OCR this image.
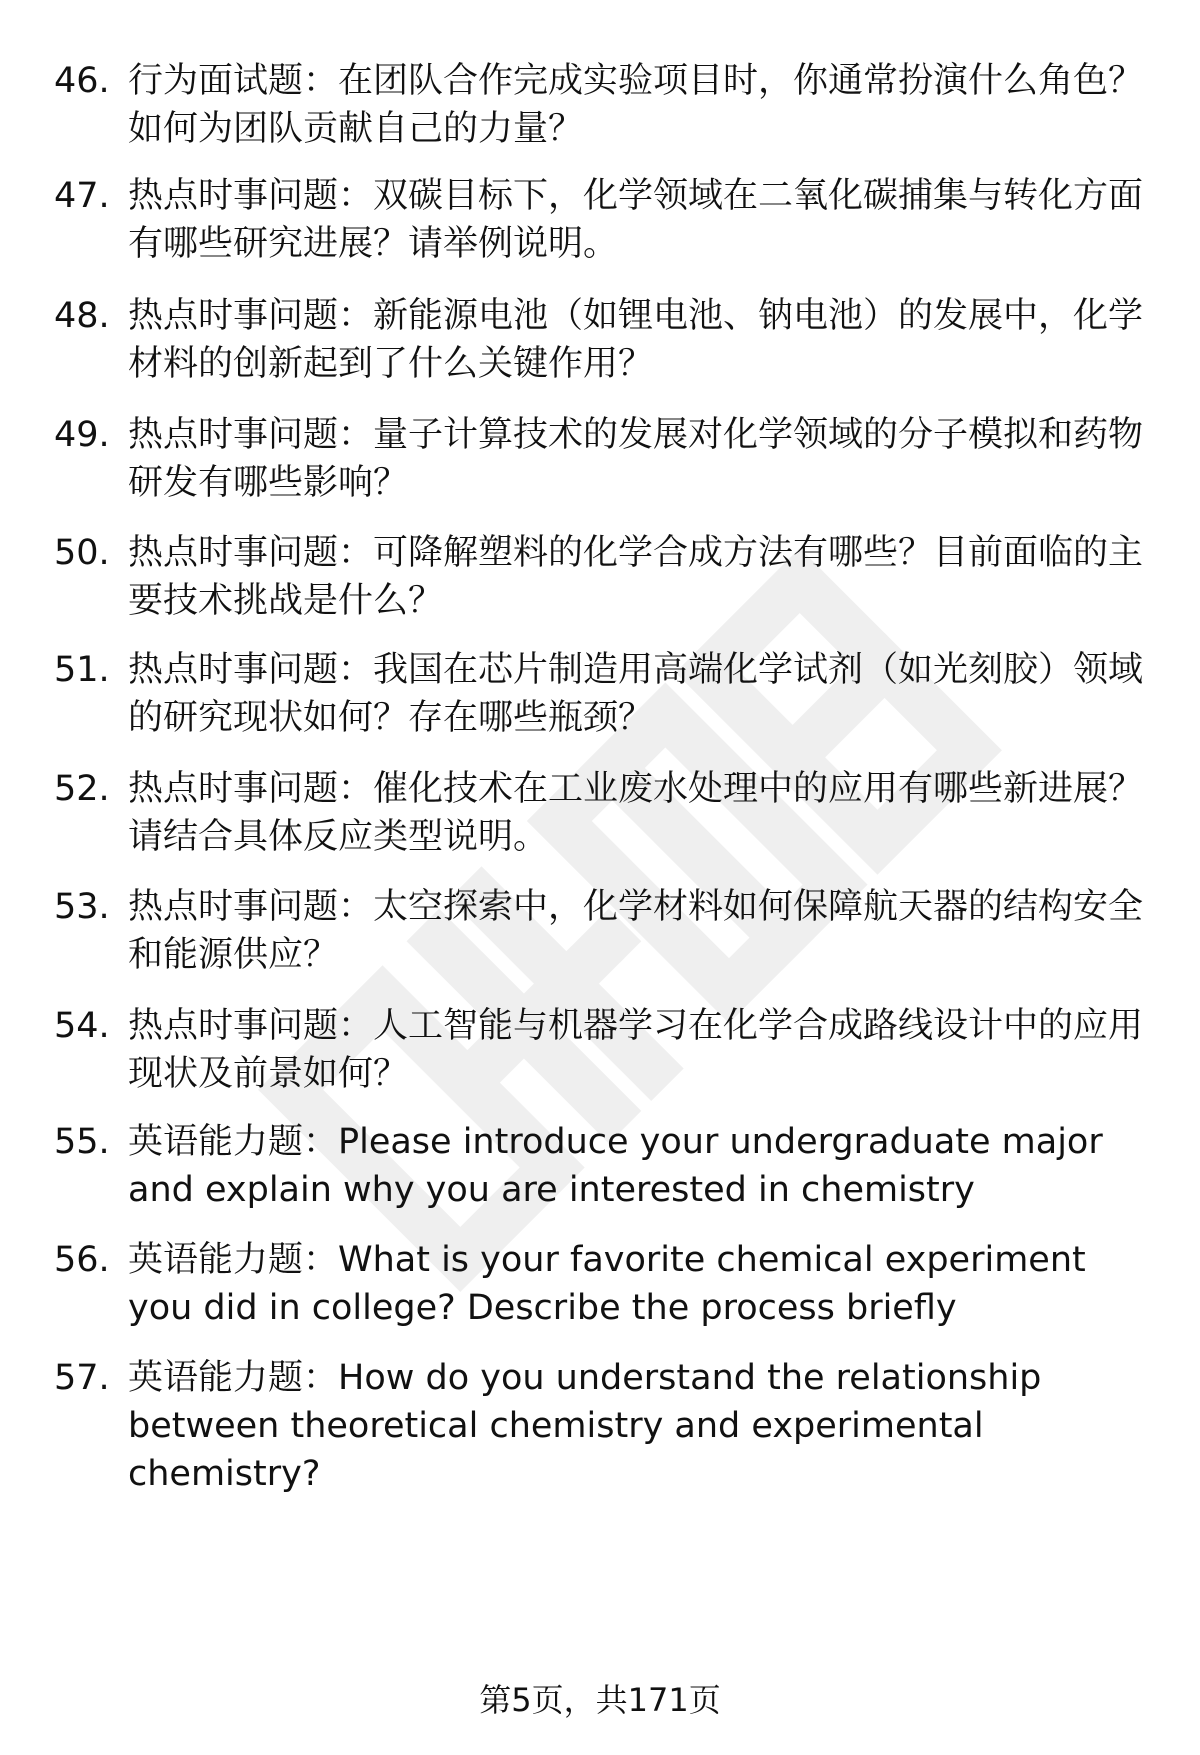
46. 行为面试题：在团队合作完成实验项目时，你通常扮演什么角色？如何为团队贡献自己的力量？
47. 热点时事问题：双碳目标下，化学领域在二氧化碳捕集与转化方面有哪些研究进展？请举例说明。
48. 热点时事问题：新能源电池（如锂电池、钠电池）的发展中，化学材料的创新起到了什么关键作用？
49. 热点时事问题：量子计算技术的发展对化学领域的分子模拟和药物研发有哪些影响？
50. 热点时事问题：可降解塑料的化学合成方法有哪些？目前面临的主要技术挑战是什么？
51. 热点时事问题：我国在芯片制造用高端化学试剂（如光刻胶）领域的研究现状如何？存在哪些瓶颈？
52. 热点时事问题：催化技术在工业废水处理中的应用有哪些新进展？请结合具体反应类型说明。
53. 热点时事问题：太空探索中，化学材料如何保障航天器的结构安全和能源供应？
54. 热点时事问题：人工智能与机器学习在化学合成路线设计中的应用现状及前景如何？
55. 英语能力题：Please introduce your undergraduate major and explain why you are interested in chemistry
56. 英语能力题：What is your favorite chemical experiment you did in college? Describe the process briefly
57. 英语能力题：How do you understand the relationship between theoretical chemistry and experimental chemistry?
第5页，共171页
